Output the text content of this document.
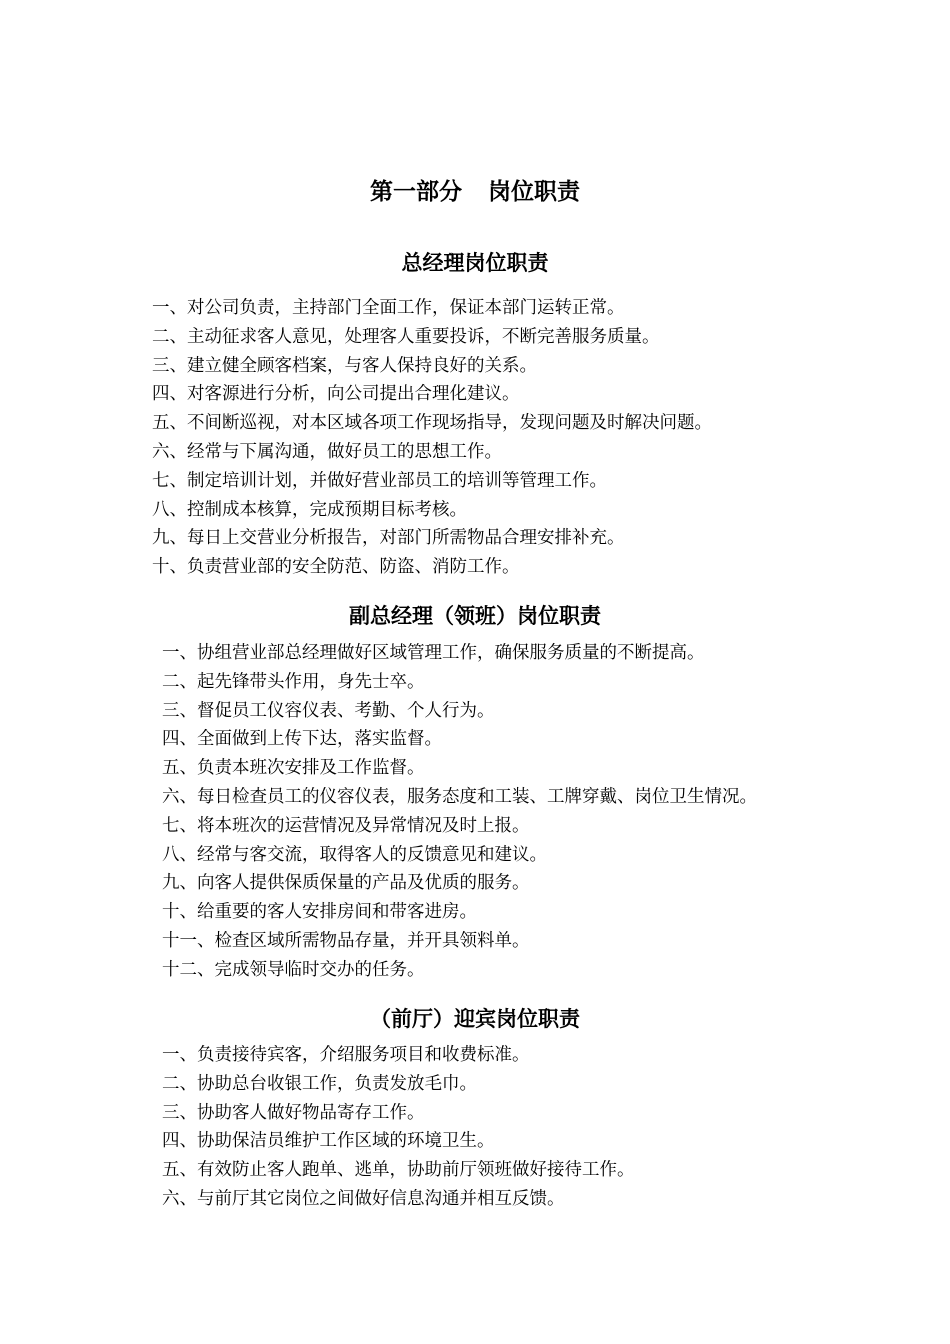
第一部分 岗位职责
总经理岗位职责
一、对公司负责，主持部门全面工作，保证本部门运转正常。
二、主动征求客人意见，处理客人重要投诉，不断完善服务质量。
三、建立健全顾客档案，与客人保持良好的关系。
四、对客源进行分析，向公司提出合理化建议。
五、不间断巡视，对本区域各项工作现场指导，发现问题及时解决问题。
六、经常与下属沟通，做好员工的思想工作。
七、制定培训计划，并做好营业部员工的培训等管理工作。
八、控制成本核算，完成预期目标考核。
九、每日上交营业分析报告，对部门所需物品合理安排补充。
十、负责营业部的安全防范、防盗、消防工作。
副总经理（领班）岗位职责
一、协组营业部总经理做好区域管理工作，确保服务质量的不断提高。
二、起先锋带头作用，身先士卒。
三、督促员工仪容仪表、考勤、个人行为。
四、全面做到上传下达，落实监督。
五、负责本班次安排及工作监督。
六、每日检查员工的仪容仪表，服务态度和工装、工牌穿戴、岗位卫生情况。
七、将本班次的运营情况及异常情况及时上报。
八、经常与客交流，取得客人的反馈意见和建议。
九、向客人提供保质保量的产品及优质的服务。
十、给重要的客人安排房间和带客进房。
十一、检查区域所需物品存量，并开具领料单。
十二、完成领导临时交办的任务。
（前厅）迎宾岗位职责
一、负责接待宾客，介绍服务项目和收费标准。
二、协助总台收银工作，负责发放毛巾。
三、协助客人做好物品寄存工作。
四、协助保洁员维护工作区域的环境卫生。
五、有效防止客人跑单、逃单，协助前厅领班做好接待工作。
六、与前厅其它岗位之间做好信息沟通并相互反馈。
